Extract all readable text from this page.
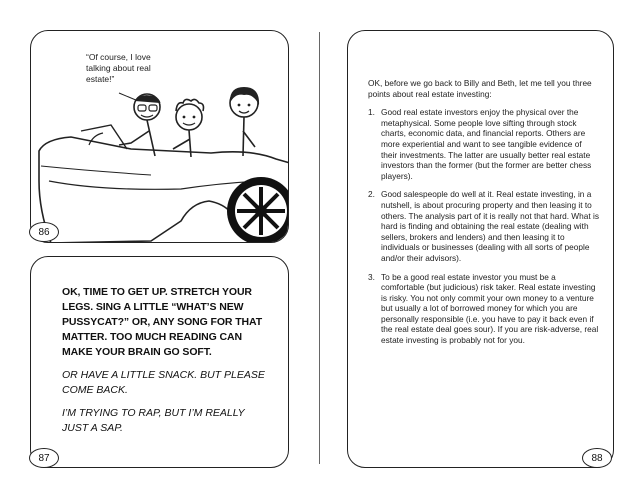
“Of course, I love talking about real estate!”
86

OK, TIME TO GET UP. STRETCH YOUR LEGS. SING A LITTLE “WHAT’S NEW PUSSYCAT?” OR, ANY SONG FOR THAT MATTER. TOO MUCH READING CAN MAKE YOUR BRAIN GO SOFT.

OR HAVE A LITTLE SNACK. BUT PLEASE COME BACK.

I’M TRYING TO RAP, BUT I’M REALLY JUST A SAP.

87

OK, before we go back to Billy and Beth, let me tell you three points about real estate investing:

1. Good real estate investors enjoy the physical over the metaphysical. Some people love sifting through stock charts, economic data, and financial reports. Others are more experiential and want to see tangible evidence of their investments. The latter are usually better real estate investors than the former (but the former are better chess players).
2. Good salespeople do well at it. Real estate investing, in a nutshell, is about procuring property and then leasing it to others. The analysis part of it is really not that hard. What is hard is finding and obtaining the real estate (dealing with sellers, brokers and lenders) and then leasing it to individuals or businesses (dealing with all sorts of people and/or their advisors).
3. To be a good real estate investor you must be a comfortable (but judicious) risk taker. Real estate investing is risky. You not only commit your own money to a venture but usually a lot of borrowed money for which you are personally responsible (i.e. you have to pay it back even if the real estate deal goes sour). If you are risk-adverse, real estate investing is probably not for you.
88
